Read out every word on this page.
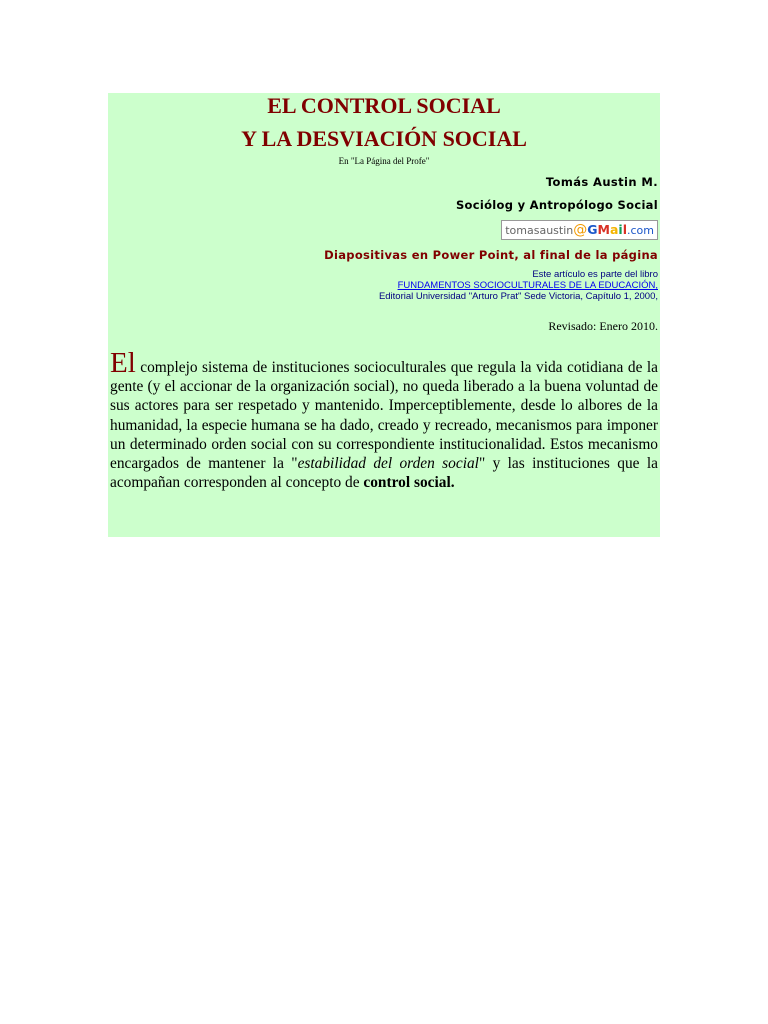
EL CONTROL SOCIAL
Y LA DESVIACIÓN SOCIAL
En "La Página del Profe"
Tomás Austin M.
Sociólog y Antropólogo Social
tomasaustin@GMail.com
Diapositivas en Power Point, al final de la página
Este artículo es parte del libro
FUNDAMENTOS SOCIOCULTURALES DE LA EDUCACIÓN,
Editorial Universidad "Arturo Prat" Sede Victoria, Capítulo 1, 2000,
Revisado: Enero 2010.
El complejo sistema de instituciones socioculturales que regula la vida cotidiana de la gente (y el accionar de la organización social), no queda liberado a la buena voluntad de sus actores para ser respetado y mantenido. Imperceptiblemente, desde lo albores de la humanidad, la especie humana se ha dado, creado y recreado, mecanismos para imponer un determinado orden social con su correspondiente institucionalidad. Estos mecanismo encargados de mantener la "estabilidad del orden social" y las instituciones que la acompañan corresponden al concepto de control social.
